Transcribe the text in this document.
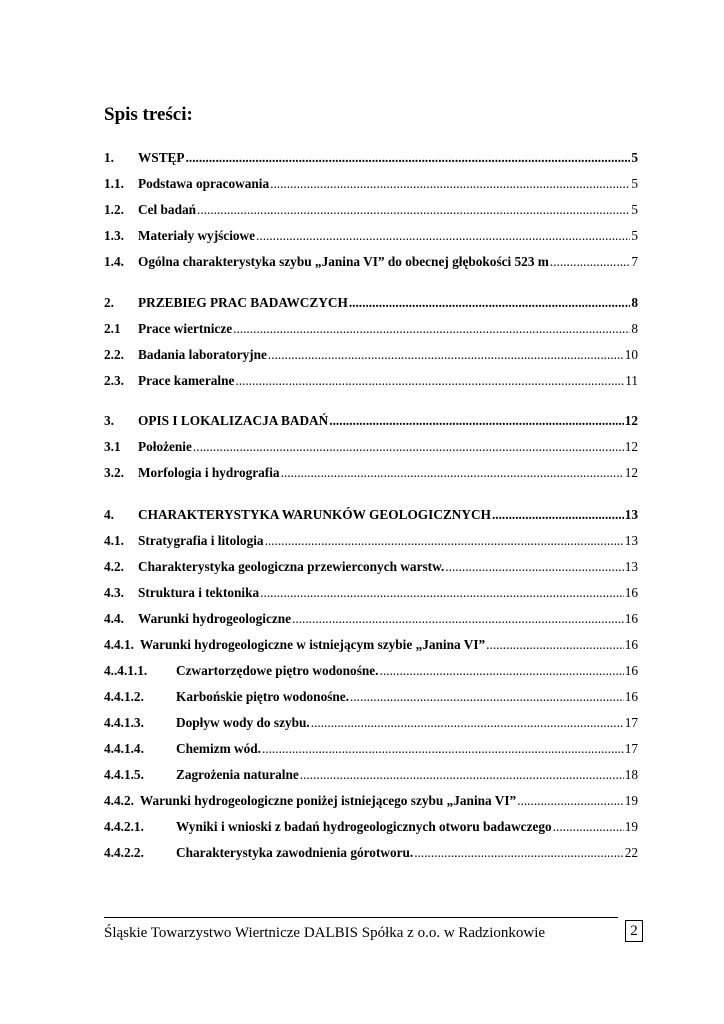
Spis treści:
1.	WSTĘP .....	5
1.1.	Podstawa opracowania .....	5
1.2.	Cel badań .....	5
1.3.	Materiały wyjściowe .....	5
1.4.	Ogólna charakterystyka szybu „Janina VI” do obecnej głębokości 523 m .....	7
2.	PRZEBIEG PRAC BADAWCZYCH .....	8
2.1	Prace wiertnicze .....	8
2.2.	Badania laboratoryjne .....	10
2.3.	Prace kameralne .....	11
3.	OPIS I LOKALIZACJA BADAŃ .....	12
3.1	Położenie .....	12
3.2.	Morfologia i hydrografia .....	12
4.	CHARAKTERYSTYKA WARUNKÓW GEOLOGICZNYCH .....	13
4.1.	Stratygrafia i litologia .....	13
4.2.	Charakterystyka geologiczna przewierconych warstw. .....	13
4.3.	Struktura i tektonika .....	16
4.4.	Warunki hydrogeologiczne .....	16
4.4.1. Warunki hydrogeologiczne w istniejącym szybie „Janina VI” .....	16
4..4.1.1.	Czwartorzędowe piętro wodonośne. .....	16
4.4.1.2.	Karbońskie piętro wodonośne. .....	16
4.4.1.3.	Dopływ wody do szybu. .....	17
4.4.1.4.	Chemizm wód. .....	17
4.4.1.5.	Zagrożenia naturalne .....	18
4.4.2. Warunki hydrogeologiczne poniżej istniejącego szybu „Janina VI” .....	19
4.4.2.1.	Wyniki i wnioski z badań hydrogeologicznych otworu badawczego .....	19
4.4.2.2.	Charakterystyka zawodnienia górotworu. .....	22
Śląskie Towarzystwo Wiertnicze DALBIS Spółka z o.o. w Radzionkowie	2
